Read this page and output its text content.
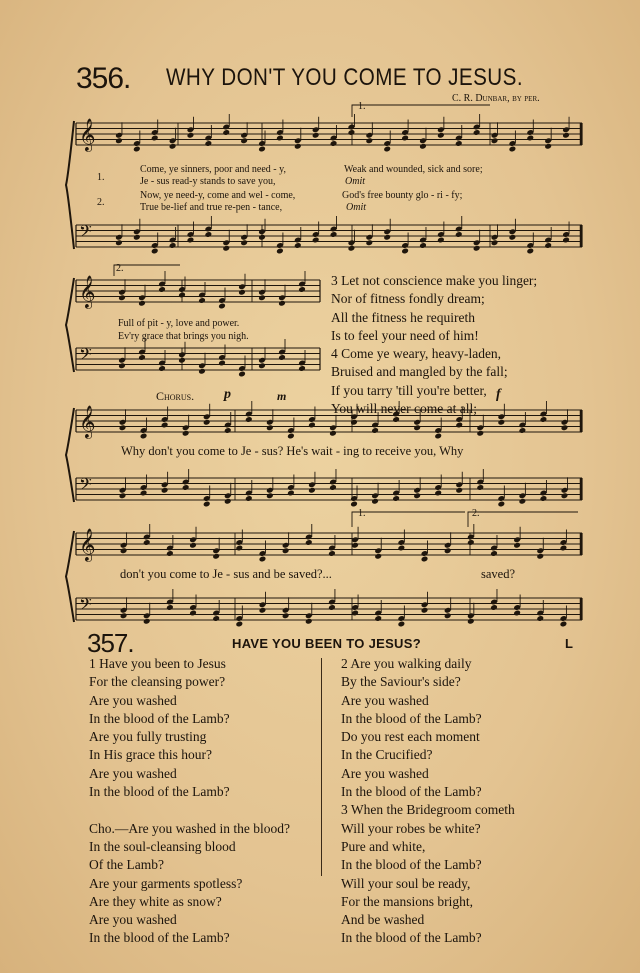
𝄞
𝄢
𝄞
𝄢
𝄞
𝄢
𝄞
𝄢
356. WHY DON'T YOU COME TO JESUS.
C. R. Dunbar, by per.
1.
1.
Come, ye sinners, poor and need - y,	Weak and wounded, sick and sore;
Je - sus read-y stands to save you,	Omit
2.
Now, ye need-y, come and wel - come,	God's free bounty glo - ri - fy;
True be-lief and true re-pen - tance,	Omit
2.
Full of pit - y, love and power.
Ev'ry grace that brings you nigh.
3 Let not conscience make you linger;
Nor of fitness fondly dream;
All the fitness he requireth
Is to feel your need of him!
4 Come ye weary, heavy-laden,
Bruised and mangled by the fall;
If you tarry 'till you're better,
You will never come at all;
Chorus. p	m	f
Why don't you come to Je - sus? He's wait - ing to receive you, Why
don't you come to Je - sus and be saved?...	saved?
1.	2.
357.	HAVE YOU BEEN TO JESUS?	L
1 Have you been to Jesus
For the cleansing power?
Are you washed
In the blood of the Lamb?
Are you fully trusting
In His grace this hour?
Are you washed
In the blood of the Lamb?
Cho.—Are you washed in the blood?
In the soul-cleansing blood
Of the Lamb?
Are your garments spotless?
Are they white as snow?
Are you washed
In the blood of the Lamb?
2 Are you walking daily
By the Saviour's side?
Are you washed
In the blood of the Lamb?
Do you rest each moment
In the Crucified?
Are you washed
In the blood of the Lamb?
3 When the Bridegroom cometh
Will your robes be white?
Pure and white,
In the blood of the Lamb?
Will your soul be ready,
For the mansions bright,
And be washed
In the blood of the Lamb?
